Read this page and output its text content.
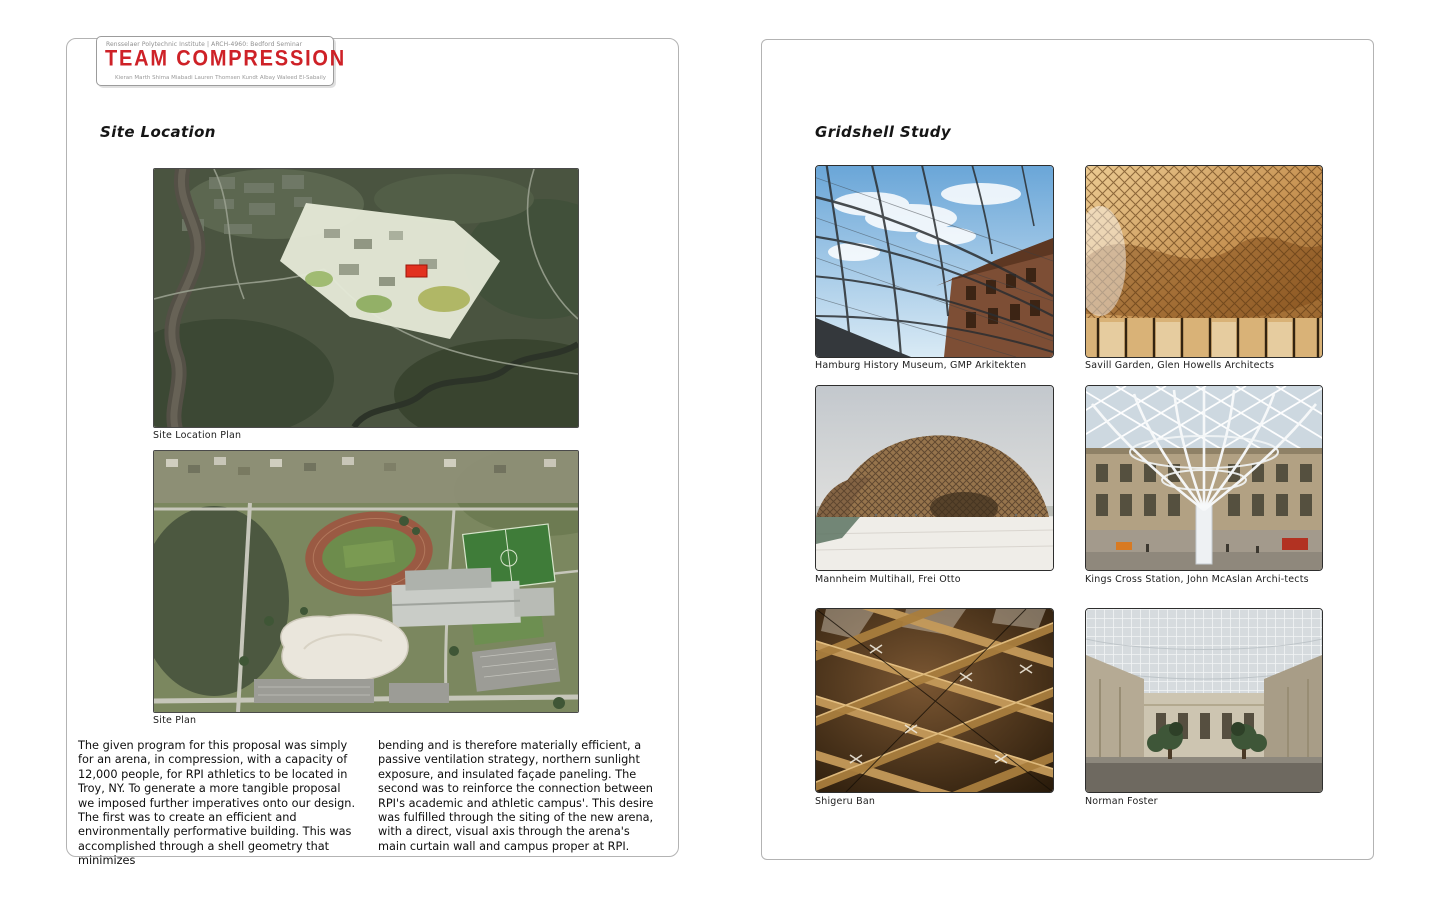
Rensselaer Polytechnic Institute | ARCH-4960: Bedford Seminar
TEAM COMPRESSION
Kieran Marth Shima Miabadi Lauren Thomsen Kundt Albay Waleed El-Sabaily
Site Location
Site Location Plan
Site Plan
The given program for this proposal was simply for an arena, in compression, with a capacity of 12,000 people, for RPI athletics to be located in Troy, NY. To generate a more tangible proposal we imposed further imperatives onto our design. The first was to create an efficient and environmentally performative building. This was accomplished through a shell geometry that minimizes
bending and is therefore materially efficient, a passive ventilation strategy, northern sunlight exposure, and insulated façade paneling. The second was to reinforce the connection between RPI's academic and athletic campus'. This desire was fulfilled through the siting of the new arena, with a direct, visual axis through the arena's main curtain wall and campus proper at RPI.
Gridshell Study
Hamburg History Museum, GMP Arkitekten	Savill Garden, Glen Howells Architects
Mannheim Multihall, Frei Otto	Kings Cross Station, John McAslan Archi-tects
Shigeru Ban	Norman Foster
